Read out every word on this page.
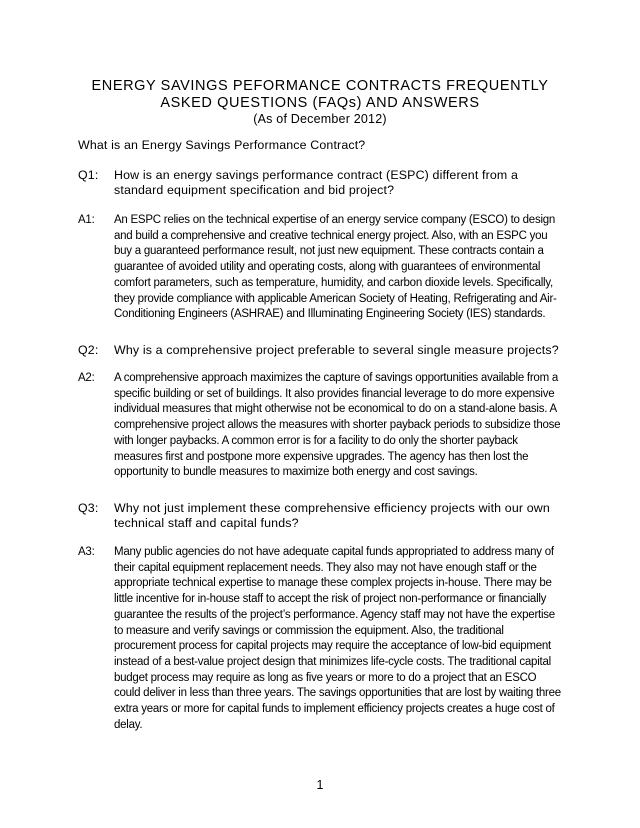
ENERGY SAVINGS PEFORMANCE CONTRACTS FREQUENTLY
ASKED QUESTIONS (FAQs) AND ANSWERS
(As of December 2012)
What is an Energy Savings Performance Contract?
Q1:	How is an energy savings performance contract (ESPC) different from a standard equipment specification and bid project?
A1:	An ESPC relies on the technical expertise of an energy service company (ESCO) to design and build a comprehensive and creative technical energy project. Also, with an ESPC you buy a guaranteed performance result, not just new equipment. These contracts contain a guarantee of avoided utility and operating costs, along with guarantees of environmental comfort parameters, such as temperature, humidity, and carbon dioxide levels. Specifically, they provide compliance with applicable American Society of Heating, Refrigerating and Air-Conditioning Engineers (ASHRAE) and Illuminating Engineering Society (IES) standards.
Q2:	Why is a comprehensive project preferable to several single measure projects?
A2:	A comprehensive approach maximizes the capture of savings opportunities available from a specific building or set of buildings. It also provides financial leverage to do more expensive individual measures that might otherwise not be economical to do on a stand-alone basis. A comprehensive project allows the measures with shorter payback periods to subsidize those with longer paybacks. A common error is for a facility to do only the shorter payback measures first and postpone more expensive upgrades. The agency has then lost the opportunity to bundle measures to maximize both energy and cost savings.
Q3:	Why not just implement these comprehensive efficiency projects with our own technical staff and capital funds?
A3:	Many public agencies do not have adequate capital funds appropriated to address many of their capital equipment replacement needs. They also may not have enough staff or the appropriate technical expertise to manage these complex projects in-house. There may be little incentive for in-house staff to accept the risk of project non-performance or financially guarantee the results of the project’s performance. Agency staff may not have the expertise to measure and verify savings or commission the equipment. Also, the traditional procurement process for capital projects may require the acceptance of low-bid equipment instead of a best-value project design that minimizes life-cycle costs. The traditional capital budget process may require as long as five years or more to do a project that an ESCO could deliver in less than three years. The savings opportunities that are lost by waiting three extra years or more for capital funds to implement efficiency projects creates a huge cost of delay.
1
